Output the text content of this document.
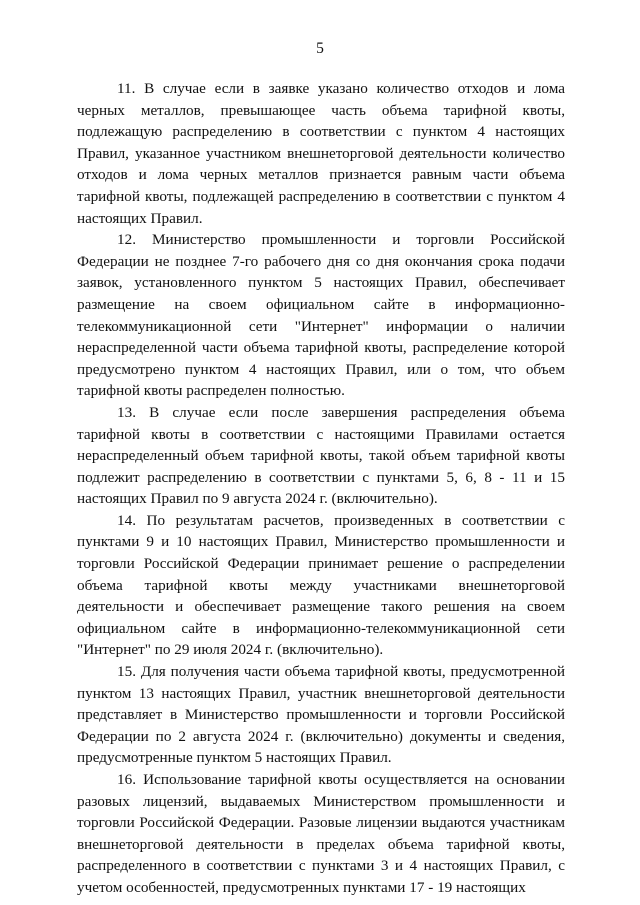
5

11. В случае если в заявке указано количество отходов и лома черных металлов, превышающее часть объема тарифной квоты, подлежащую распределению в соответствии с пунктом 4 настоящих Правил, указанное участником внешнеторговой деятельности количество отходов и лома черных металлов признается равным части объема тарифной квоты, подлежащей распределению в соответствии с пунктом 4 настоящих Правил.

12. Министерство промышленности и торговли Российской Федерации не позднее 7-го рабочего дня со дня окончания срока подачи заявок, установленного пунктом 5 настоящих Правил, обеспечивает размещение на своем официальном сайте в информационно-телекоммуникационной сети "Интернет" информации о наличии нераспределенной части объема тарифной квоты, распределение которой предусмотрено пунктом 4 настоящих Правил, или о том, что объем тарифной квоты распределен полностью.

13. В случае если после завершения распределения объема тарифной квоты в соответствии с настоящими Правилами остается нераспределенный объем тарифной квоты, такой объем тарифной квоты подлежит распределению в соответствии с пунктами 5, 6, 8 - 11 и 15 настоящих Правил по 9 августа 2024 г. (включительно).

14. По результатам расчетов, произведенных в соответствии с пунктами 9 и 10 настоящих Правил, Министерство промышленности и торговли Российской Федерации принимает решение о распределении объема тарифной квоты между участниками внешнеторговой деятельности и обеспечивает размещение такого решения на своем официальном сайте в информационно-телекоммуникационной сети "Интернет" по 29 июля 2024 г. (включительно).

15. Для получения части объема тарифной квоты, предусмотренной пунктом 13 настоящих Правил, участник внешнеторговой деятельности представляет в Министерство промышленности и торговли Российской Федерации по 2 августа 2024 г. (включительно) документы и сведения, предусмотренные пунктом 5 настоящих Правил.

16. Использование тарифной квоты осуществляется на основании разовых лицензий, выдаваемых Министерством промышленности и торговли Российской Федерации. Разовые лицензии выдаются участникам внешнеторговой деятельности в пределах объема тарифной квоты, распределенного в соответствии с пунктами 3 и 4 настоящих Правил, с учетом особенностей, предусмотренных пунктами 17 - 19 настоящих
